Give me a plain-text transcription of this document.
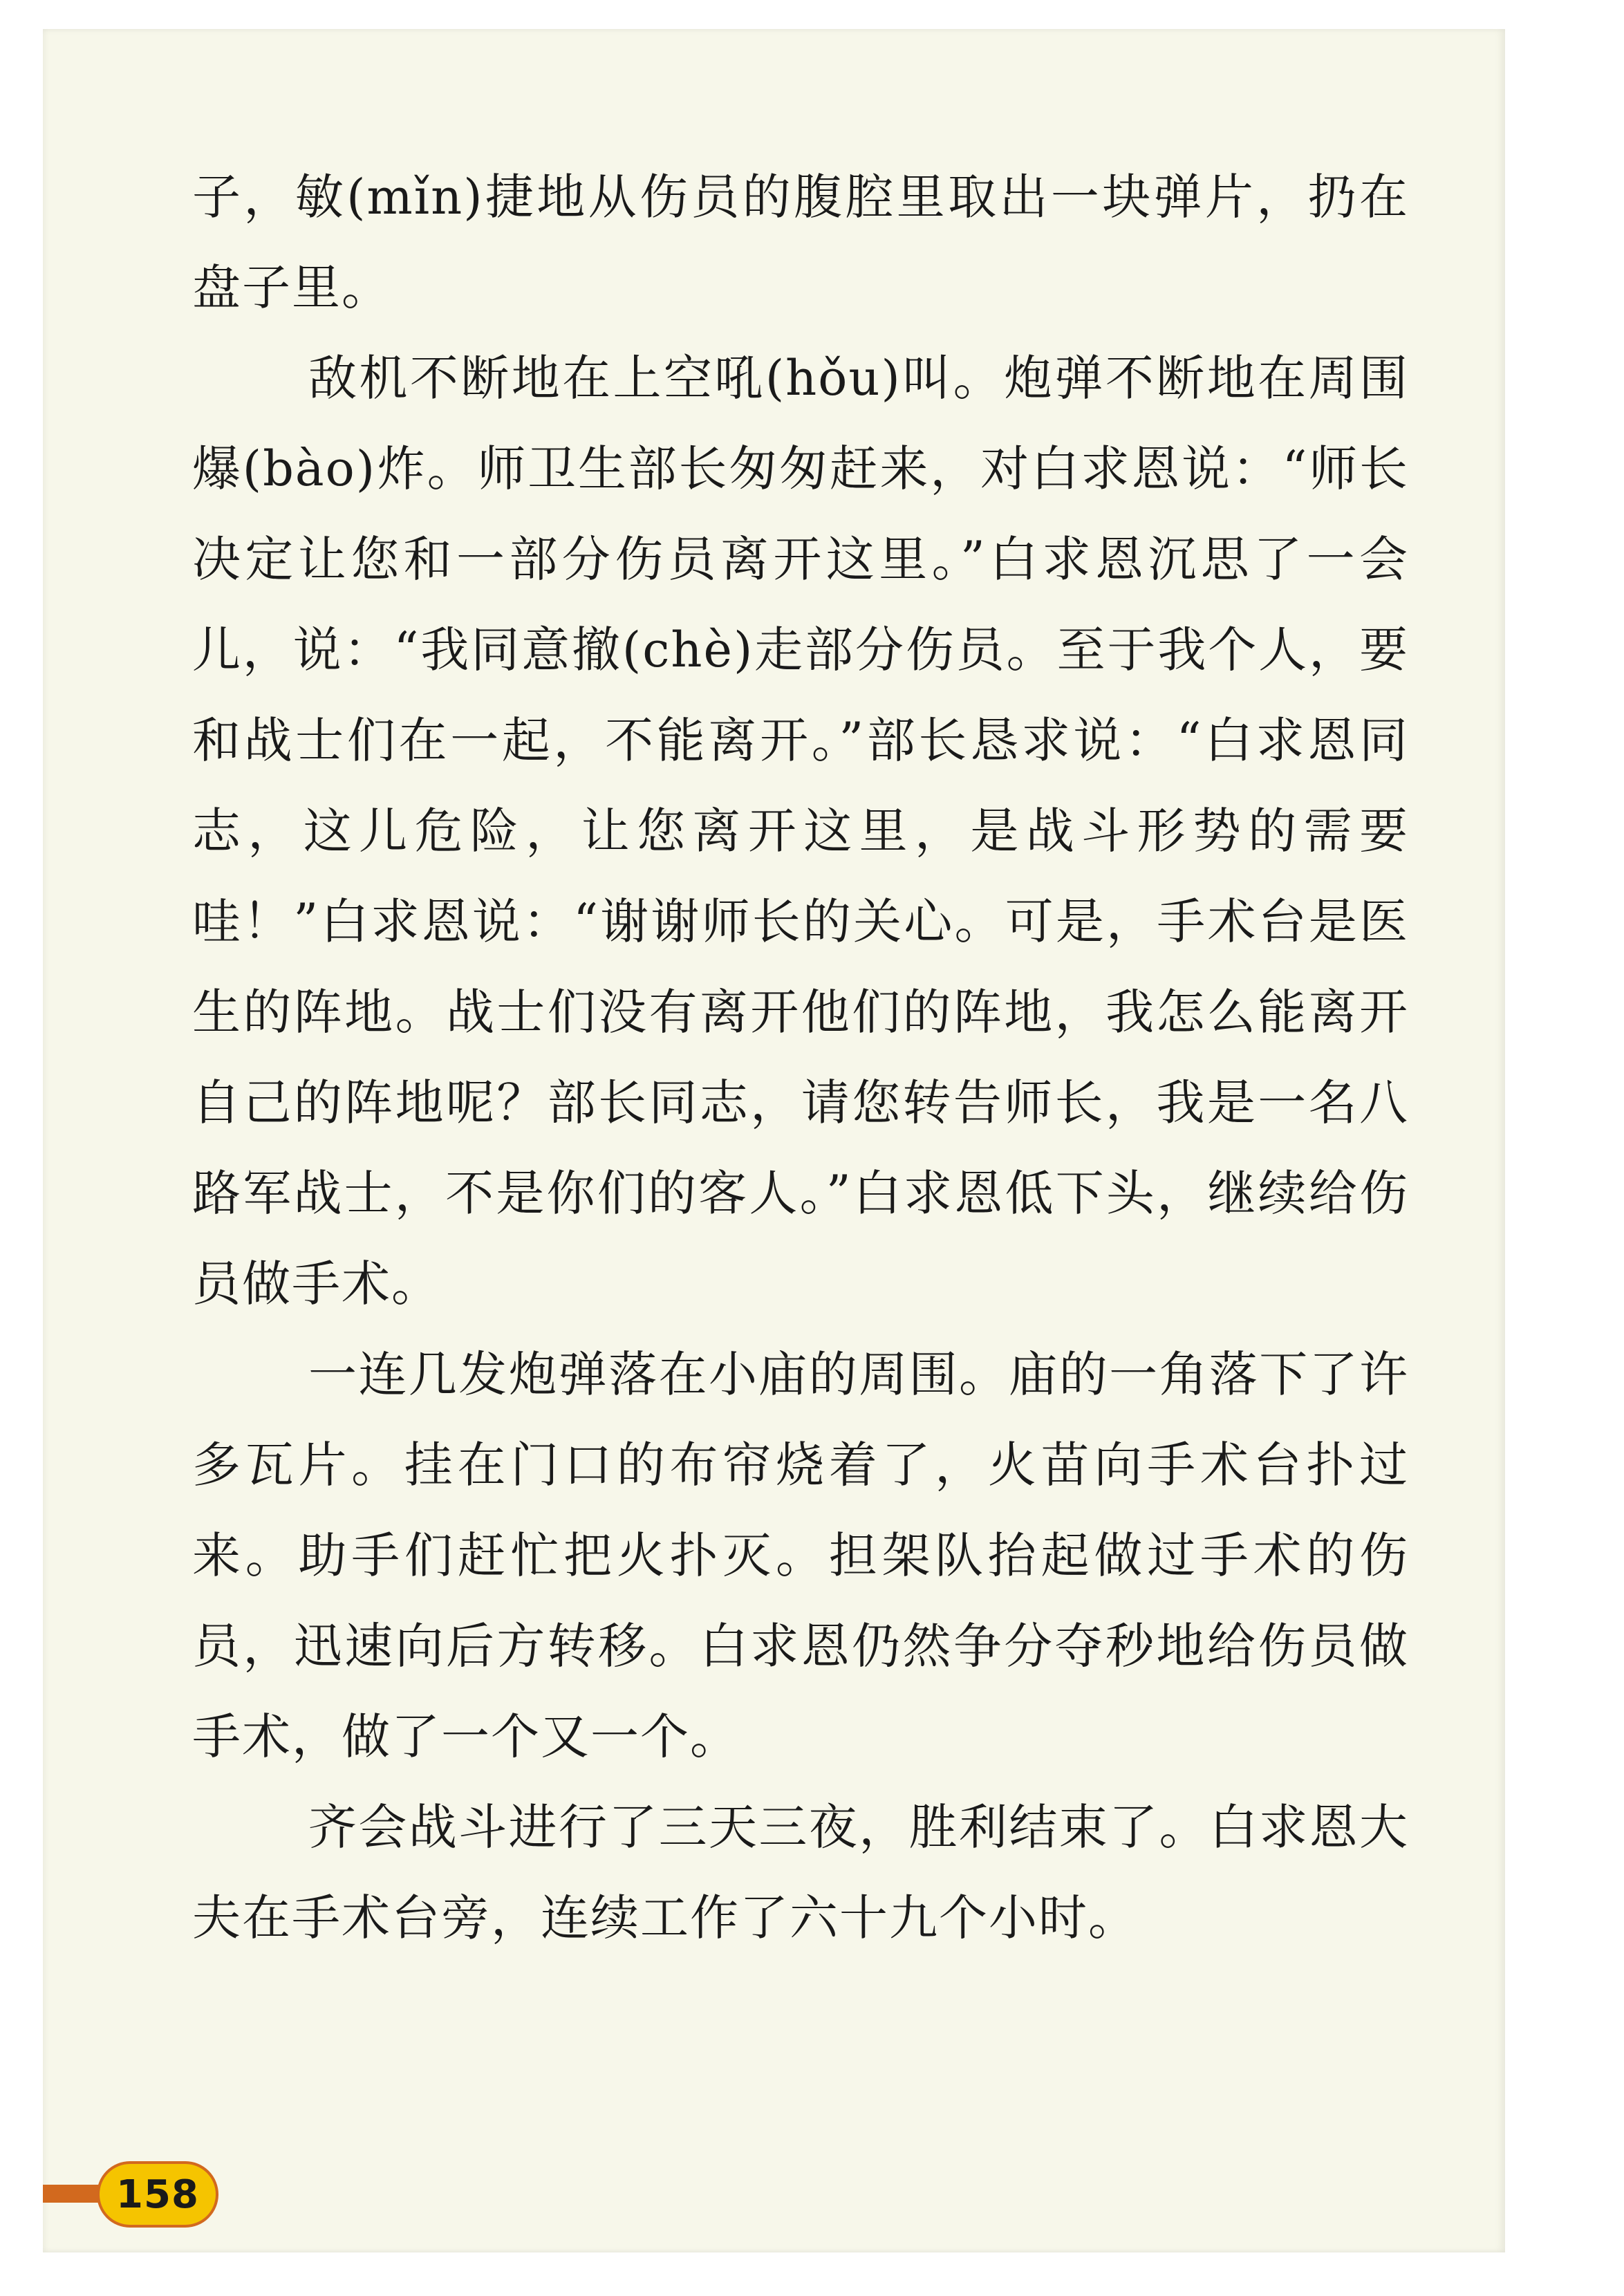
子，敏(mǐn)捷地从伤员的腹腔里取出一块弹片，扔在盘子里。

敌机不断地在上空吼(hǒu)叫。炮弹不断地在周围爆(bào)炸。师卫生部长匆匆赶来，对白求恩说：“师长决定让您和一部分伤员离开这里。”白求恩沉思了一会儿，说：“我同意撤(chè)走部分伤员。至于我个人，要和战士们在一起，不能离开。”部长恳求说：“白求恩同志，这儿危险，让您离开这里，是战斗形势的需要哇！”白求恩说：“谢谢师长的关心。可是，手术台是医生的阵地。战士们没有离开他们的阵地，我怎么能离开自己的阵地呢？部长同志，请您转告师长，我是一名八路军战士，不是你们的客人。”白求恩低下头，继续给伤员做手术。

一连几发炮弹落在小庙的周围。庙的一角落下了许多瓦片。挂在门口的布帘烧着了，火苗向手术台扑过来。助手们赶忙把火扑灭。担架队抬起做过手术的伤员，迅速向后方转移。白求恩仍然争分夺秒地给伤员做手术，做了一个又一个。

齐会战斗进行了三天三夜，胜利结束了。白求恩大夫在手术台旁，连续工作了六十九个小时。

158
